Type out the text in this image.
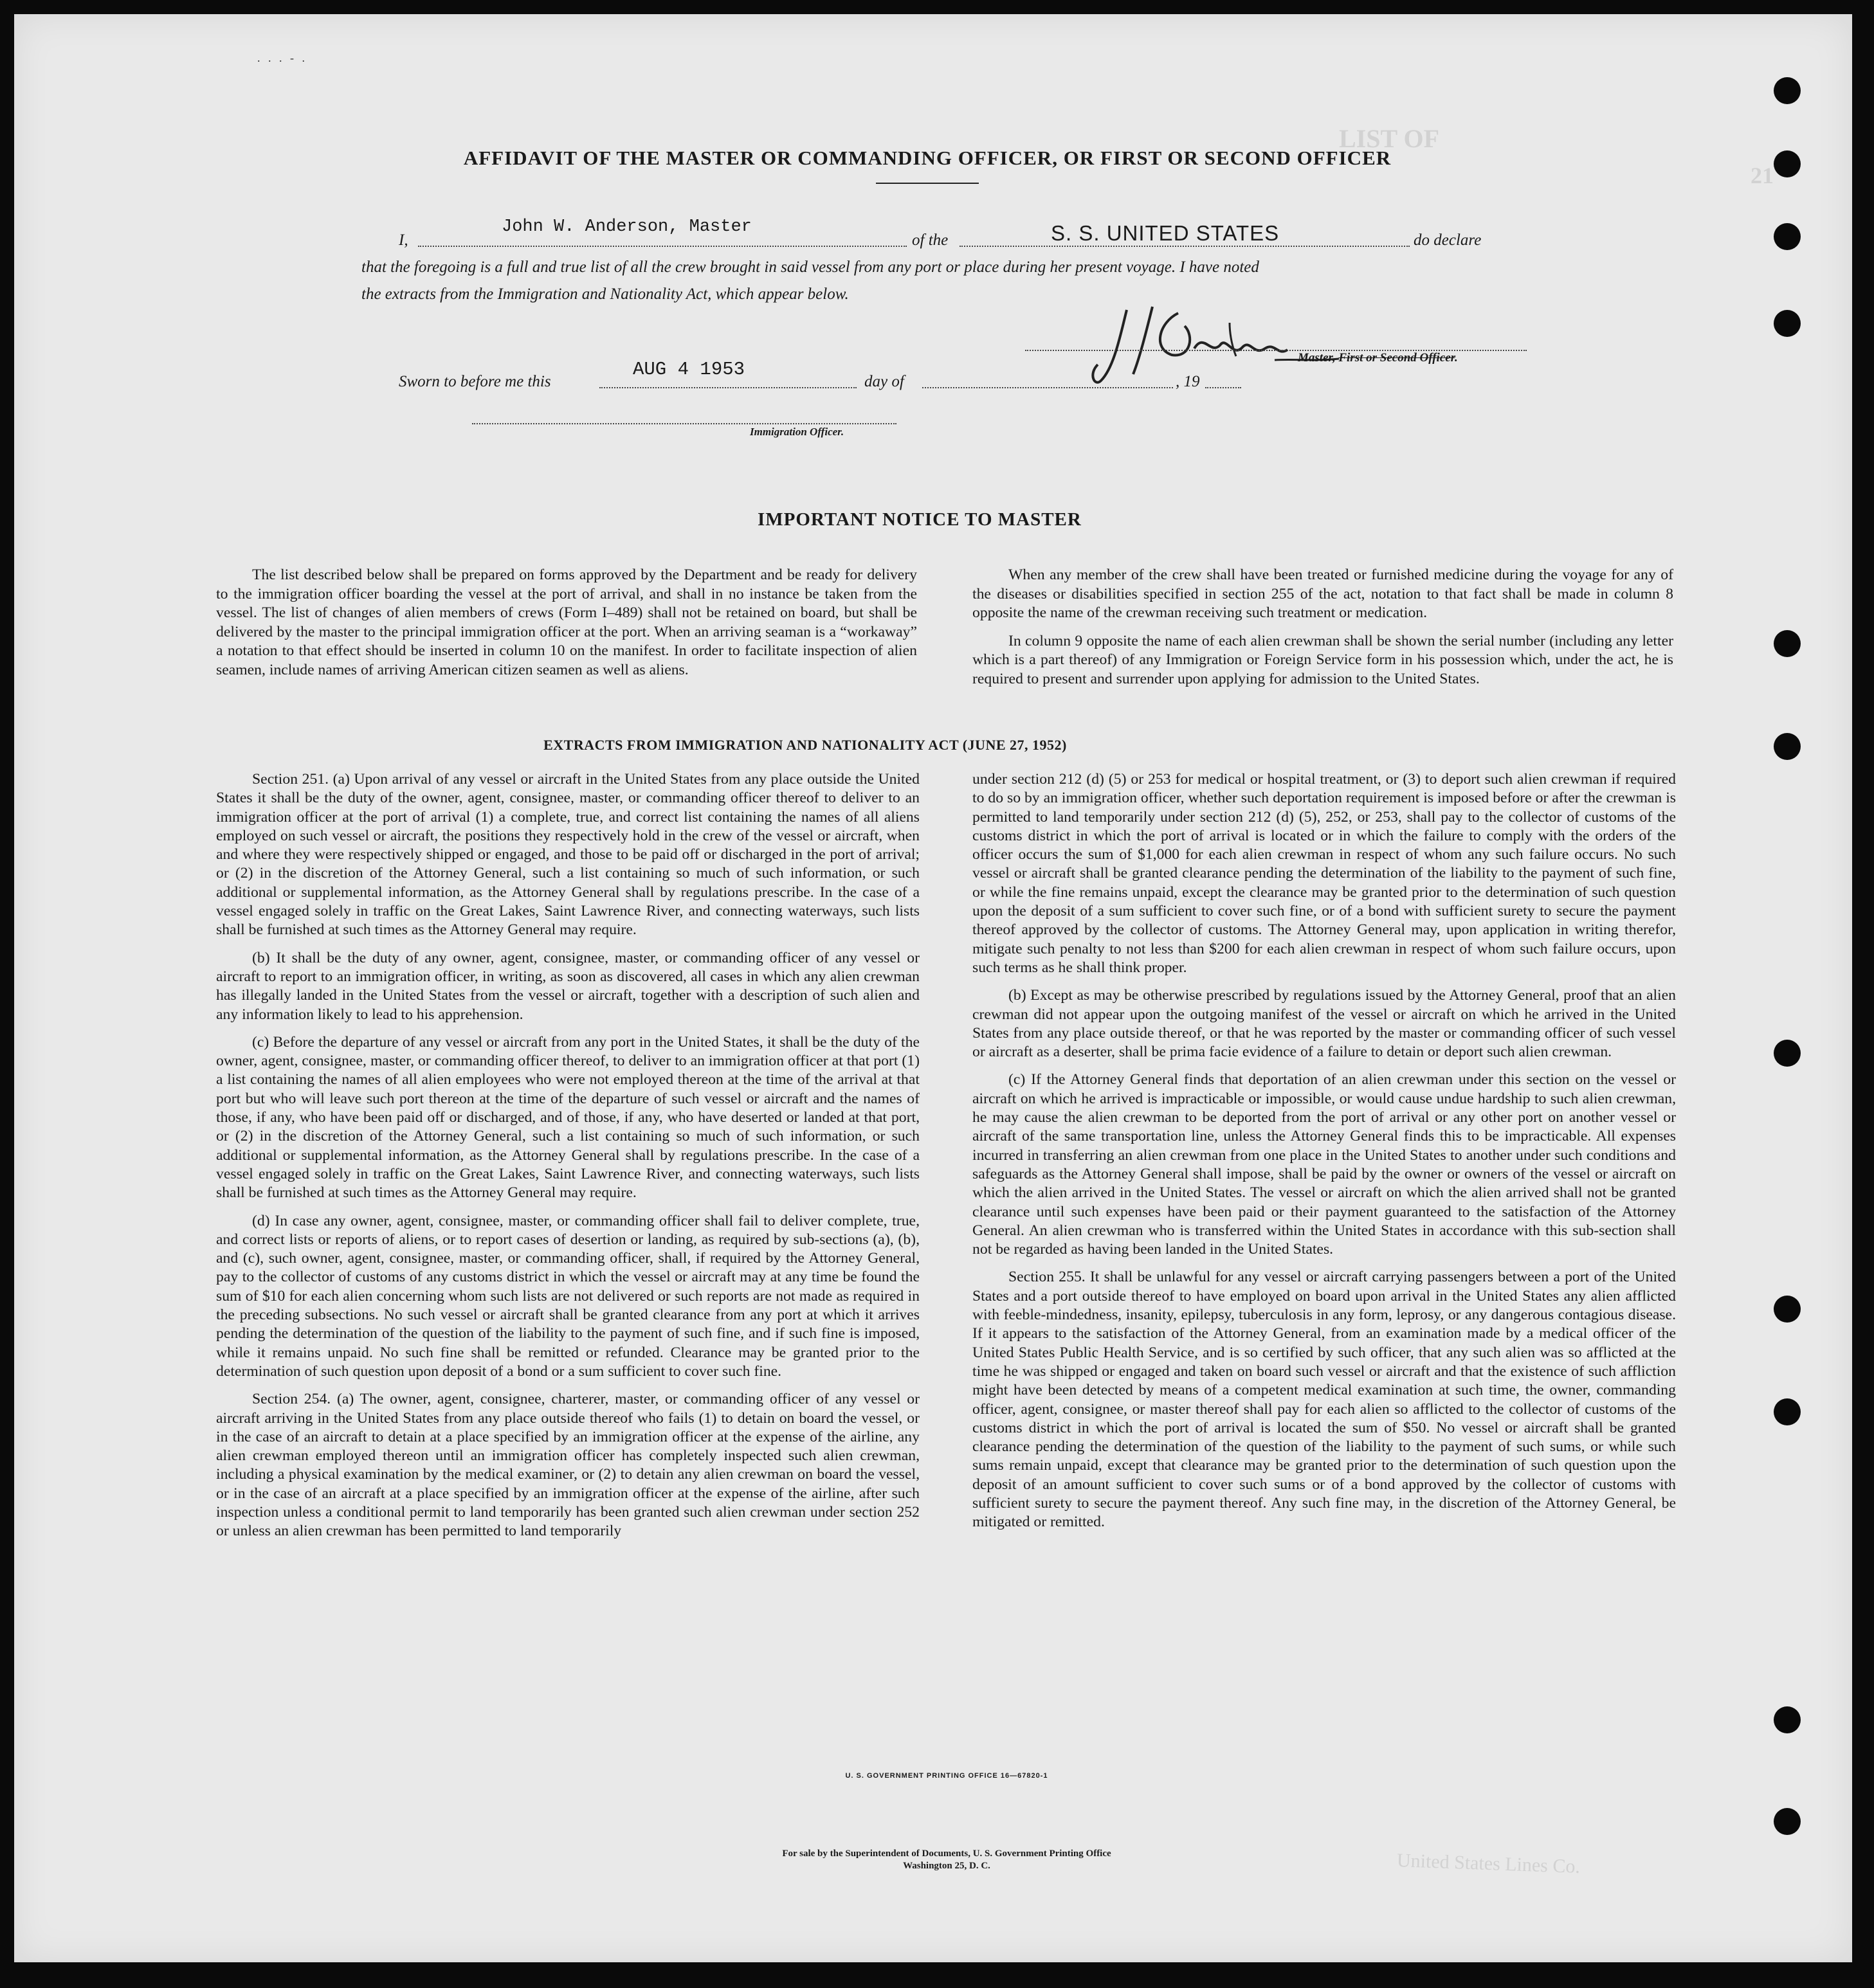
LIST OF
21
. . . - .
AFFIDAVIT OF THE MASTER OR COMMANDING OFFICER, OR FIRST OR SECOND OFFICER
I,
John W. Anderson, Master
of the	S. S. UNITED STATES	do declare
that the foregoing is a full and true list of all the crew brought in said vessel from any port or place during her present voyage. I have noted
the extracts from the Immigration and Nationality Act, which appear below.
Master, First or Second Officer.
Sworn to before me this
AUG 4 1953
day of	, 19
Immigration Officer.
IMPORTANT NOTICE TO MASTER

The list described below shall be prepared on forms approved by the Department and be ready for delivery to the immigration officer boarding the vessel at the port of arrival, and shall in no instance be taken from the vessel. The list of changes of alien members of crews (Form I–489) shall not be retained on board, but shall be delivered by the master to the principal immigration officer at the port. When an arriving seaman is a “workaway” a notation to that effect should be inserted in column 10 on the manifest. In order to facilitate inspection of alien seamen, include names of arriving American citizen seamen as well as aliens.

When any member of the crew shall have been treated or furnished medicine during the voyage for any of the diseases or disabilities specified in section 255 of the act, notation to that fact shall be made in column 8 opposite the name of the crewman receiving such treatment or medication.

In column 9 opposite the name of each alien crewman shall be shown the serial number (including any letter which is a part thereof) of any Immigration or Foreign Service form in his possession which, under the act, he is required to present and surrender upon applying for admission to the United States.

EXTRACTS FROM IMMIGRATION AND NATIONALITY ACT (JUNE 27, 1952)

Section 251. (a) Upon arrival of any vessel or aircraft in the United States from any place outside the United States it shall be the duty of the owner, agent, consignee, master, or commanding officer thereof to deliver to an immigration officer at the port of arrival (1) a complete, true, and correct list containing the names of all aliens employed on such vessel or aircraft, the positions they respectively hold in the crew of the vessel or aircraft, when and where they were respectively shipped or engaged, and those to be paid off or discharged in the port of arrival; or (2) in the discretion of the Attorney General, such a list containing so much of such information, or such additional or supplemental information, as the Attorney General shall by regulations prescribe. In the case of a vessel engaged solely in traffic on the Great Lakes, Saint Lawrence River, and connecting waterways, such lists shall be furnished at such times as the Attorney General may require.

(b) It shall be the duty of any owner, agent, consignee, master, or commanding officer of any vessel or aircraft to report to an immigration officer, in writing, as soon as discovered, all cases in which any alien crewman has illegally landed in the United States from the vessel or aircraft, together with a description of such alien and any information likely to lead to his apprehension.

(c) Before the departure of any vessel or aircraft from any port in the United States, it shall be the duty of the owner, agent, consignee, master, or commanding officer thereof, to deliver to an immigration officer at that port (1) a list containing the names of all alien employees who were not employed thereon at the time of the arrival at that port but who will leave such port thereon at the time of the departure of such vessel or aircraft and the names of those, if any, who have been paid off or discharged, and of those, if any, who have deserted or landed at that port, or (2) in the discretion of the Attorney General, such a list containing so much of such information, or such additional or supplemental information, as the Attorney General shall by regulations prescribe. In the case of a vessel engaged solely in traffic on the Great Lakes, Saint Lawrence River, and connecting waterways, such lists shall be furnished at such times as the Attorney General may require.

(d) In case any owner, agent, consignee, master, or commanding officer shall fail to deliver complete, true, and correct lists or reports of aliens, or to report cases of desertion or landing, as required by sub-sections (a), (b), and (c), such owner, agent, consignee, master, or commanding officer, shall, if required by the Attorney General, pay to the collector of customs of any customs district in which the vessel or aircraft may at any time be found the sum of $10 for each alien concerning whom such lists are not delivered or such reports are not made as required in the preceding subsections. No such vessel or aircraft shall be granted clearance from any port at which it arrives pending the determination of the question of the liability to the payment of such fine, and if such fine is imposed, while it remains unpaid. No such fine shall be remitted or refunded. Clearance may be granted prior to the determination of such question upon deposit of a bond or a sum sufficient to cover such fine.

Section 254. (a) The owner, agent, consignee, charterer, master, or commanding officer of any vessel or aircraft arriving in the United States from any place outside thereof who fails (1) to detain on board the vessel, or in the case of an aircraft to detain at a place specified by an immigration officer at the expense of the airline, any alien crewman employed thereon until an immigration officer has completely inspected such alien crewman, including a physical examination by the medical examiner, or (2) to detain any alien crewman on board the vessel, or in the case of an aircraft at a place specified by an immigration officer at the expense of the airline, after such inspection unless a conditional permit to land temporarily has been granted such alien crewman under section 252 or unless an alien crewman has been permitted to land temporarily

under section 212 (d) (5) or 253 for medical or hospital treatment, or (3) to deport such alien crewman if required to do so by an immigration officer, whether such deportation requirement is imposed before or after the crewman is permitted to land temporarily under section 212 (d) (5), 252, or 253, shall pay to the collector of customs of the customs district in which the port of arrival is located or in which the failure to comply with the orders of the officer occurs the sum of $1,000 for each alien crewman in respect of whom any such failure occurs. No such vessel or aircraft shall be granted clearance pending the determination of the liability to the payment of such fine, or while the fine remains unpaid, except the clearance may be granted prior to the determination of such question upon the deposit of a sum sufficient to cover such fine, or of a bond with sufficient surety to secure the payment thereof approved by the collector of customs. The Attorney General may, upon application in writing therefor, mitigate such penalty to not less than $200 for each alien crewman in respect of whom such failure occurs, upon such terms as he shall think proper.

(b) Except as may be otherwise prescribed by regulations issued by the Attorney General, proof that an alien crewman did not appear upon the outgoing manifest of the vessel or aircraft on which he arrived in the United States from any place outside thereof, or that he was reported by the master or commanding officer of such vessel or aircraft as a deserter, shall be prima facie evidence of a failure to detain or deport such alien crewman.

(c) If the Attorney General finds that deportation of an alien crewman under this section on the vessel or aircraft on which he arrived is impracticable or impossible, or would cause undue hardship to such alien crewman, he may cause the alien crewman to be deported from the port of arrival or any other port on another vessel or aircraft of the same transportation line, unless the Attorney General finds this to be impracticable. All expenses incurred in transferring an alien crewman from one place in the United States to another under such conditions and safeguards as the Attorney General shall impose, shall be paid by the owner or owners of the vessel or aircraft on which the alien arrived in the United States. The vessel or aircraft on which the alien arrived shall not be granted clearance until such expenses have been paid or their payment guaranteed to the satisfaction of the Attorney General. An alien crewman who is transferred within the United States in accordance with this sub-section shall not be regarded as having been landed in the United States.

Section 255. It shall be unlawful for any vessel or aircraft carrying passengers between a port of the United States and a port outside thereof to have employed on board upon arrival in the United States any alien afflicted with feeble-mindedness, insanity, epilepsy, tuberculosis in any form, leprosy, or any dangerous contagious disease. If it appears to the satisfaction of the Attorney General, from an examination made by a medical officer of the United States Public Health Service, and is so certified by such officer, that any such alien was so afflicted at the time he was shipped or engaged and taken on board such vessel or aircraft and that the existence of such affliction might have been detected by means of a competent medical examination at such time, the owner, commanding officer, agent, consignee, or master thereof shall pay for each alien so afflicted to the collector of customs of the customs district in which the port of arrival is located the sum of $50. No vessel or aircraft shall be granted clearance pending the determination of the question of the liability to the payment of such sums, or while such sums remain unpaid, except that clearance may be granted prior to the determination of such question upon the deposit of an amount sufficient to cover such sums or of a bond approved by the collector of customs with sufficient surety to secure the payment thereof. Any such fine may, in the discretion of the Attorney General, be mitigated or remitted.

U. S. GOVERNMENT PRINTING OFFICE 16—67820-1
For sale by the Superintendent of Documents, U. S. Government Printing Office
Washington 25, D. C.	United States Lines Co.
